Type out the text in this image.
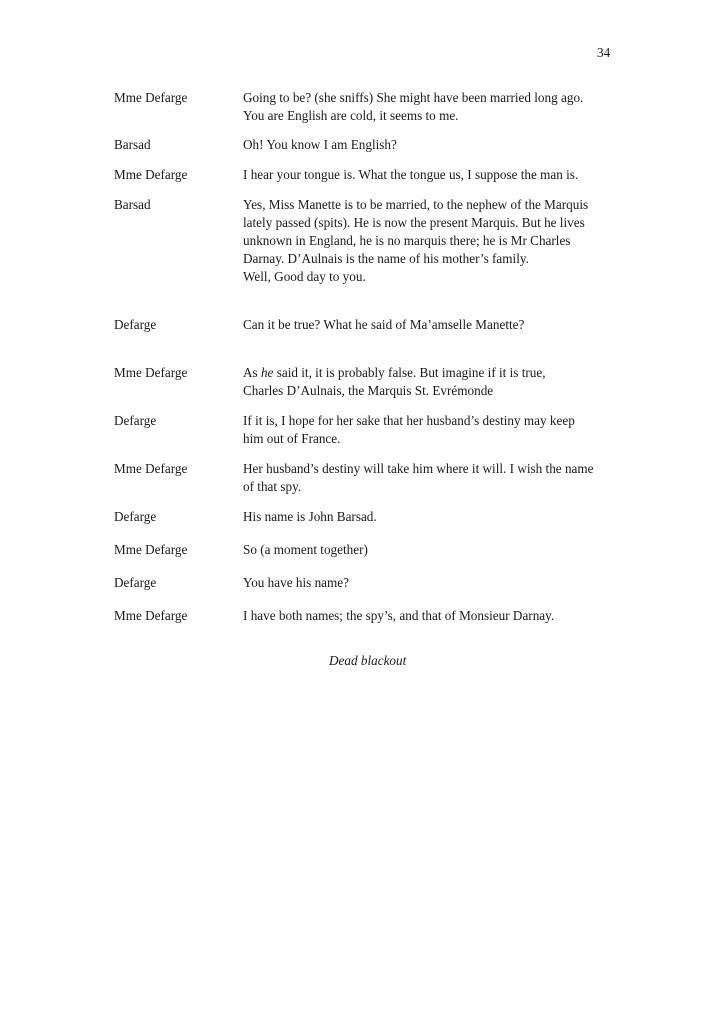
34
Mme Defarge	Going to be? (she sniffs) She might have been married long ago.
You are English are cold, it seems to me.
Barsad	Oh! You know I am English?
Mme Defarge	I hear your tongue is. What the tongue us, I suppose the man is.
Barsad	Yes, Miss Manette is to be married, to the nephew of the Marquis
lately passed (spits). He is now the present Marquis. But he lives
unknown in England, he is no marquis there; he is Mr Charles
Darnay. D’Aulnais is the name of his mother’s family.
Well, Good day to you.
Defarge	Can it be true? What he said of Ma’amselle Manette?
Mme Defarge	As he said it, it is probably false. But imagine if it is true,
Charles D’Aulnais, the Marquis St. Evrémonde
Defarge	If it is, I hope for her sake that her husband’s destiny may keep
him out of France.
Mme Defarge	Her husband’s destiny will take him where it will. I wish the name
of that spy.
Defarge	His name is John Barsad.
Mme Defarge	So (a moment together)
Defarge	You have his name?
Mme Defarge	I have both names; the spy’s, and that of Monsieur Darnay.
Dead blackout
